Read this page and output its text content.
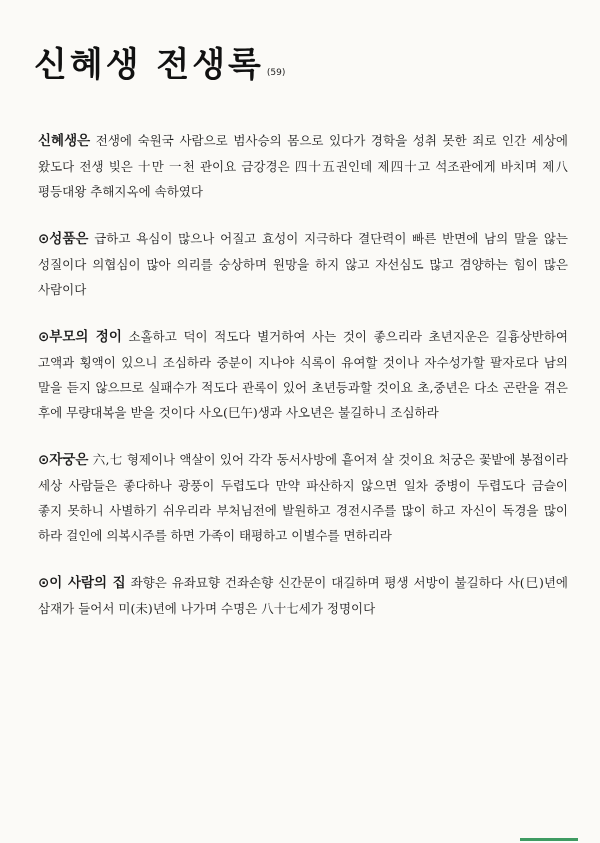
신혜생 전생록 (59)

신혜생은 전생에 숙원국 사람으로 범사승의 몸으로 있다가 경학을 성취 못한 죄로 인간 세상에 왔도다 전생 빚은 十만 一천 관이요 금강경은 四十五권인데 제四十고 석조관에게 바치며 제八 평등대왕 추해지옥에 속하였다

⊙성품은 급하고 욕심이 많으나 어질고 효성이 지극하다 결단력이 빠른 반면에 남의 말을 않는 성질이다 의협심이 많아 의리를 숭상하며 원망을 하지 않고 자선심도 많고 겸양하는 힘이 많은 사람이다

⊙부모의 정이 소홀하고 덕이 적도다 별거하여 사는 것이 좋으리라 초년지운은 길흉상반하여 고액과 횡액이 있으니 조심하라 중분이 지나야 식록이 유여할 것이나 자수성가할 팔자로다 남의 말을 듣지 않으므로 실패수가 적도다 관록이 있어 초년등과할 것이요 초,중년은 다소 곤란을 겪은 후에 무량대복을 받을 것이다 사오(巳午)생과 사오년은 불길하니 조심하라

⊙자궁은 六,七 형제이나 액살이 있어 각각 동서사방에 흩어져 살 것이요 처궁은 꽃밭에 봉접이라 세상 사람들은 좋다하나 광풍이 두렵도다 만약 파산하지 않으면 일차 중병이 두렵도다 금슬이 좋지 못하니 사별하기 쉬우리라 부처님전에 발원하고 경전시주를 많이 하고 자신이 독경을 많이 하라 걸인에 의복시주를 하면 가족이 태평하고 이별수를 면하리라

⊙이 사람의 집 좌향은 유좌묘향 건좌손향 신간문이 대길하며 평생 서방이 불길하다 사(巳)년에 삼재가 들어서 미(未)년에 나가며 수명은 八十七세가 정명이다
